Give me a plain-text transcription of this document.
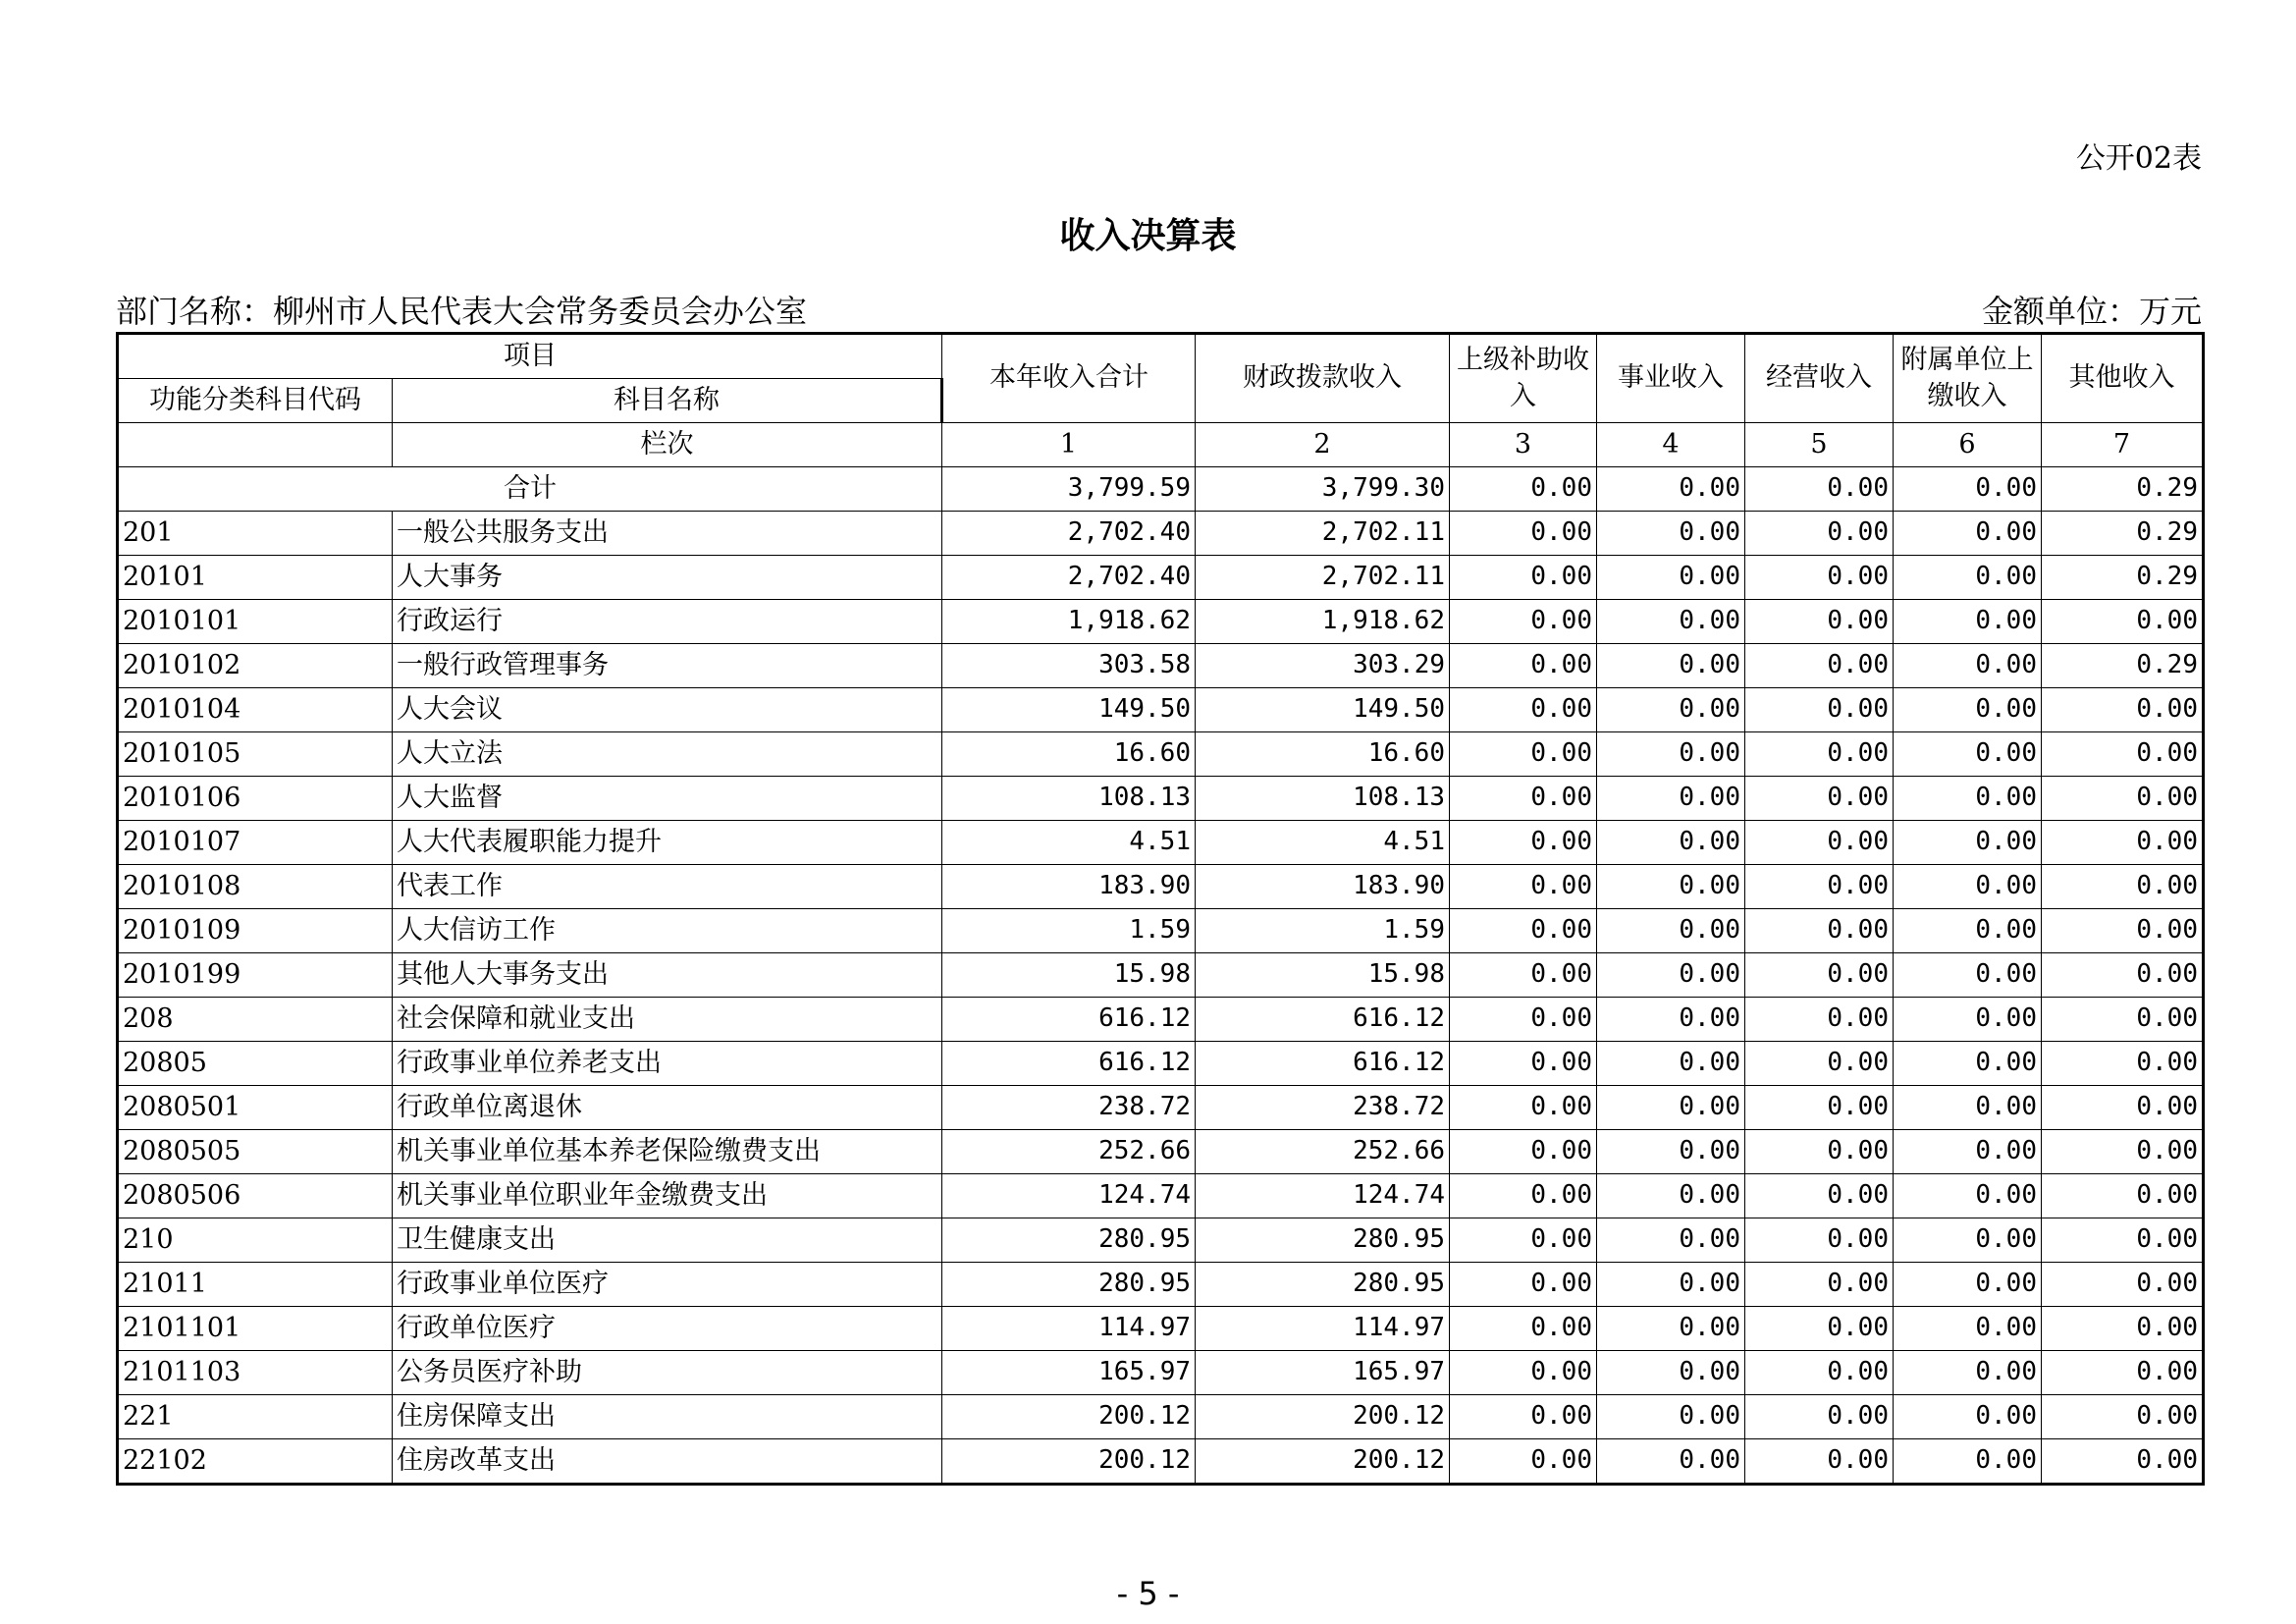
公开02表
收入决算表
部门名称：柳州市人民代表大会常务委员会办公室	金额单位：万元
项目		本年收入合计	财政拨款收入	上级补助收入	事业收入	经营收入	附属单位上缴收入	其他收入
功能分类科目代码	科目名称							
	栏次	1	2	3	4	5	6	7
合计		3,799.59	3,799.30	0.00	0.00	0.00	0.00	0.29
201	一般公共服务支出	2,702.40	2,702.11	0.00	0.00	0.00	0.00	0.29
20101	人大事务	2,702.40	2,702.11	0.00	0.00	0.00	0.00	0.29
2010101	行政运行	1,918.62	1,918.62	0.00	0.00	0.00	0.00	0.00
2010102	一般行政管理事务	303.58	303.29	0.00	0.00	0.00	0.00	0.29
2010104	人大会议	149.50	149.50	0.00	0.00	0.00	0.00	0.00
2010105	人大立法	16.60	16.60	0.00	0.00	0.00	0.00	0.00
2010106	人大监督	108.13	108.13	0.00	0.00	0.00	0.00	0.00
2010107	人大代表履职能力提升	4.51	4.51	0.00	0.00	0.00	0.00	0.00
2010108	代表工作	183.90	183.90	0.00	0.00	0.00	0.00	0.00
2010109	人大信访工作	1.59	1.59	0.00	0.00	0.00	0.00	0.00
2010199	其他人大事务支出	15.98	15.98	0.00	0.00	0.00	0.00	0.00
208	社会保障和就业支出	616.12	616.12	0.00	0.00	0.00	0.00	0.00
20805	行政事业单位养老支出	616.12	616.12	0.00	0.00	0.00	0.00	0.00
2080501	行政单位离退休	238.72	238.72	0.00	0.00	0.00	0.00	0.00
2080505	机关事业单位基本养老保险缴费支出	252.66	252.66	0.00	0.00	0.00	0.00	0.00
2080506	机关事业单位职业年金缴费支出	124.74	124.74	0.00	0.00	0.00	0.00	0.00
210	卫生健康支出	280.95	280.95	0.00	0.00	0.00	0.00	0.00
21011	行政事业单位医疗	280.95	280.95	0.00	0.00	0.00	0.00	0.00
2101101	行政单位医疗	114.97	114.97	0.00	0.00	0.00	0.00	0.00
2101103	公务员医疗补助	165.97	165.97	0.00	0.00	0.00	0.00	0.00
221	住房保障支出	200.12	200.12	0.00	0.00	0.00	0.00	0.00
22102	住房改革支出	200.12	200.12	0.00	0.00	0.00	0.00	0.00
- 5 -
